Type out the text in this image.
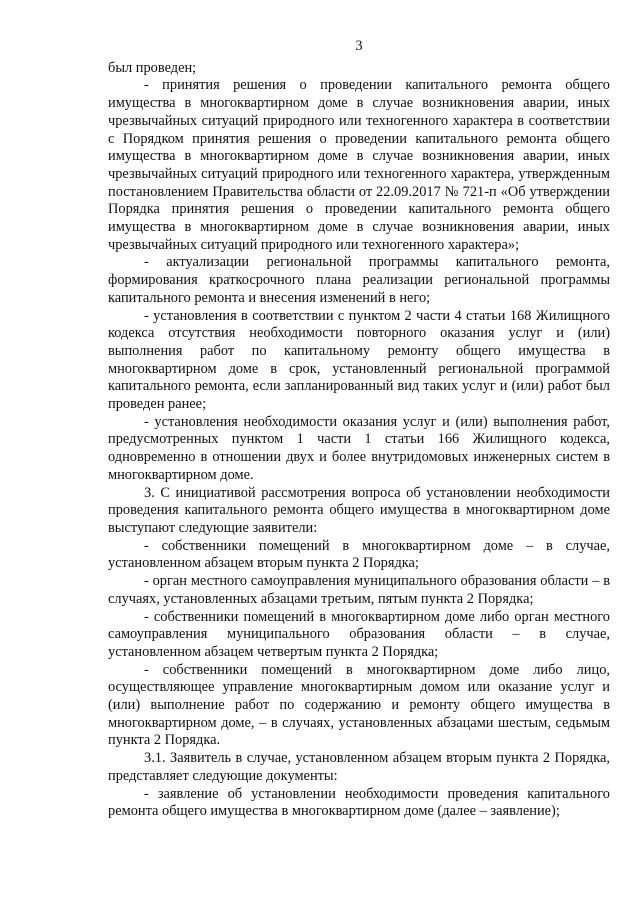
3

был проведен;

- принятия решения о проведении капитального ремонта общего имущества в многоквартирном доме в случае возникновения аварии, иных чрезвычайных ситуаций природного или техногенного характера в соответствии с Порядком принятия решения о проведении капитального ремонта общего имущества в многоквартирном доме в случае возникновения аварии, иных чрезвычайных ситуаций природного или техногенного характера, утвержденным постановлением Правительства области от 22.09.2017 № 721-п «Об утверждении Порядка принятия решения о проведении капитального ремонта общего имущества в многоквартирном доме в случае возникновения аварии, иных чрезвычайных ситуаций природного или техногенного характера»;

- актуализации региональной программы капитального ремонта, формирования краткосрочного плана реализации региональной программы капитального ремонта и внесения изменений в него;

- установления в соответствии с пунктом 2 части 4 статьи 168 Жилищного кодекса отсутствия необходимости повторного оказания услуг и (или) выполнения работ по капитальному ремонту общего имущества в многоквартирном доме в срок, установленный региональной программой капитального ремонта, если запланированный вид таких услуг и (или) работ был проведен ранее;

- установления необходимости оказания услуг и (или) выполнения работ, предусмотренных пунктом 1 части 1 статьи 166 Жилищного кодекса, одновременно в отношении двух и более внутридомовых инженерных систем в многоквартирном доме.

3. С инициативой рассмотрения вопроса об установлении необходимости проведения капитального ремонта общего имущества в многоквартирном доме выступают следующие заявители:

- собственники помещений в многоквартирном доме – в случае, установленном абзацем вторым пункта 2 Порядка;

- орган местного самоуправления муниципального образования области – в случаях, установленных абзацами третьим, пятым пункта 2 Порядка;

- собственники помещений в многоквартирном доме либо орган местного самоуправления муниципального образования области – в случае, установленном абзацем четвертым пункта 2 Порядка;

- собственники помещений в многоквартирном доме либо лицо, осуществляющее управление многоквартирным домом или оказание услуг и (или) выполнение работ по содержанию и ремонту общего имущества в многоквартирном доме, – в случаях, установленных абзацами шестым, седьмым пункта 2 Порядка.

3.1. Заявитель в случае, установленном абзацем вторым пункта 2 Порядка, представляет следующие документы:

- заявление об установлении необходимости проведения капитального ремонта общего имущества в многоквартирном доме (далее – заявление);
